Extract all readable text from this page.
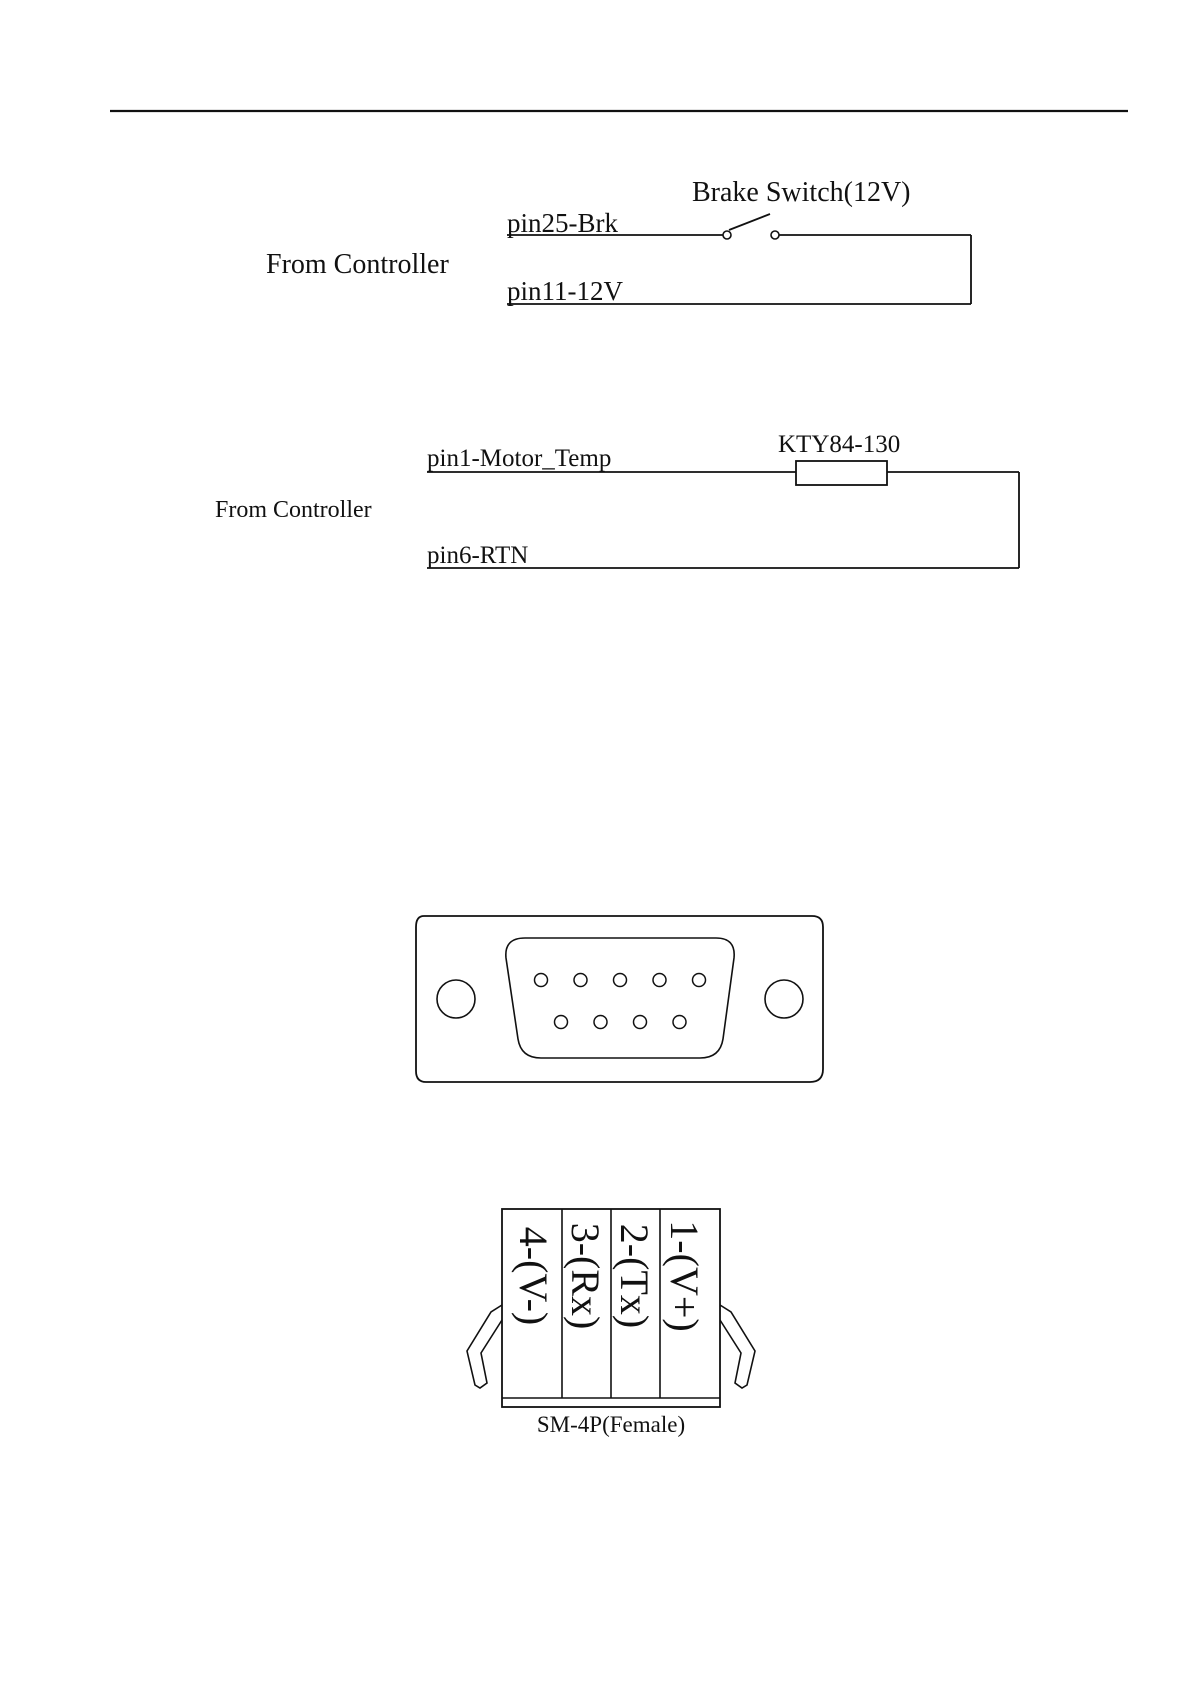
From Controller
pin25-Brk
pin11-12V
Brake Switch(12V)
From Controller
pin1-Motor_Temp
pin6-RTN
KTY84-130
4-(V-) 3-(Rx) 2-(Tx) 1-(V+)
SM-4P(Female)
